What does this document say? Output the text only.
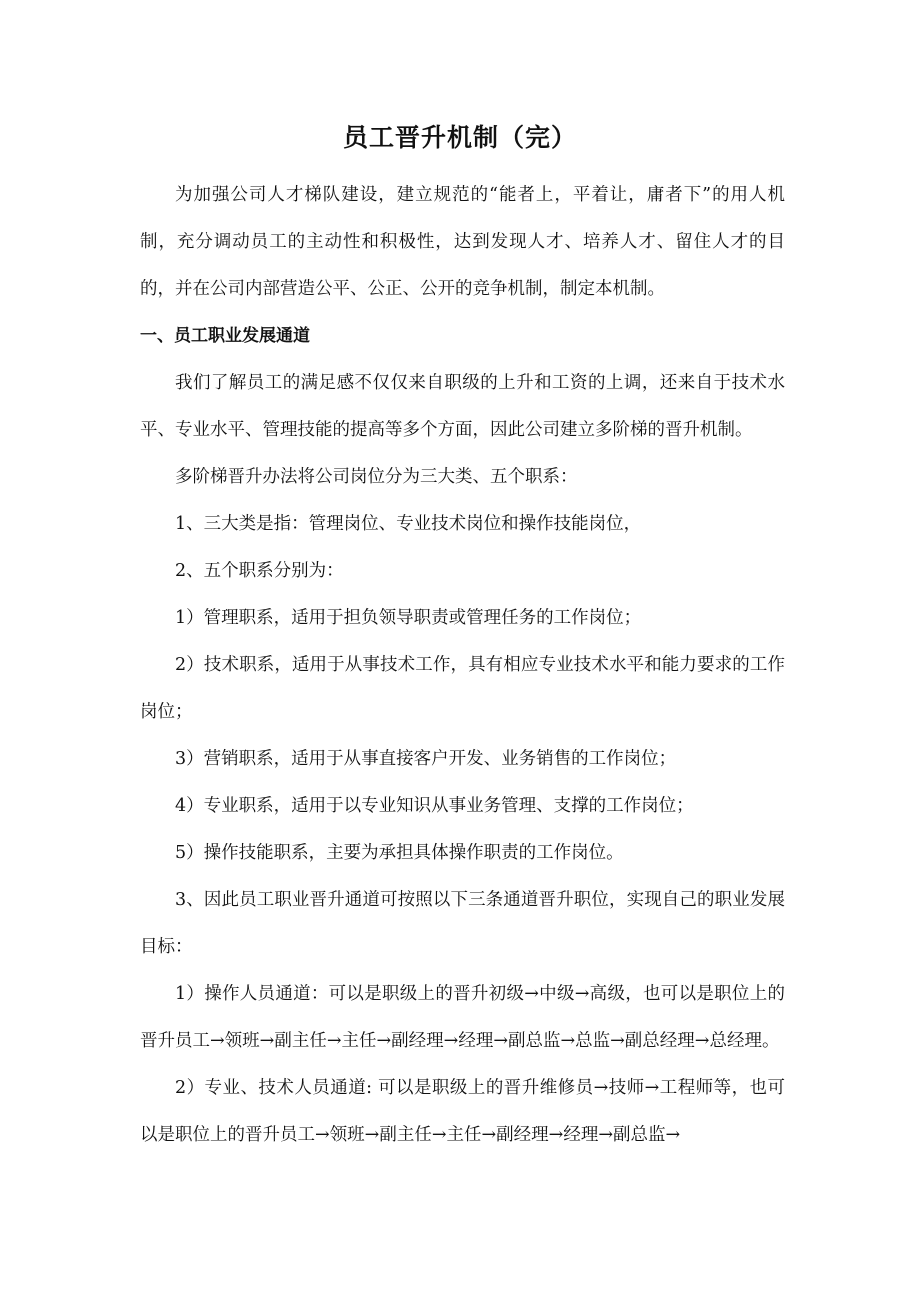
员工晋升机制（完）

为加强公司人才梯队建设，建立规范的“能者上，平着让，庸者下”的用人机制，充分调动员工的主动性和积极性，达到发现人才、培养人才、留住人才的目的，并在公司内部营造公平、公正、公开的竞争机制，制定本机制。

一、员工职业发展通道

我们了解员工的满足感不仅仅来自职级的上升和工资的上调，还来自于技术水平、专业水平、管理技能的提高等多个方面，因此公司建立多阶梯的晋升机制。

多阶梯晋升办法将公司岗位分为三大类、五个职系：

1、三大类是指：管理岗位、专业技术岗位和操作技能岗位，

2、五个职系分别为：

1）管理职系，适用于担负领导职责或管理任务的工作岗位；

2）技术职系，适用于从事技术工作，具有相应专业技术水平和能力要求的工作岗位；

3）营销职系，适用于从事直接客户开发、业务销售的工作岗位；

4）专业职系，适用于以专业知识从事业务管理、支撑的工作岗位；

5）操作技能职系，主要为承担具体操作职责的工作岗位。

3、因此员工职业晋升通道可按照以下三条通道晋升职位，实现自己的职业发展目标：

1）操作人员通道：可以是职级上的晋升初级→中级→高级，也可以是职位上的晋升员工→领班→副主任→主任→副经理→经理→副总监→总监→副总经理→总经理。

2）专业、技术人员通道: 可以是职级上的晋升维修员→技师→工程师等，也可以是职位上的晋升员工→领班→副主任→主任→副经理→经理→副总监→
